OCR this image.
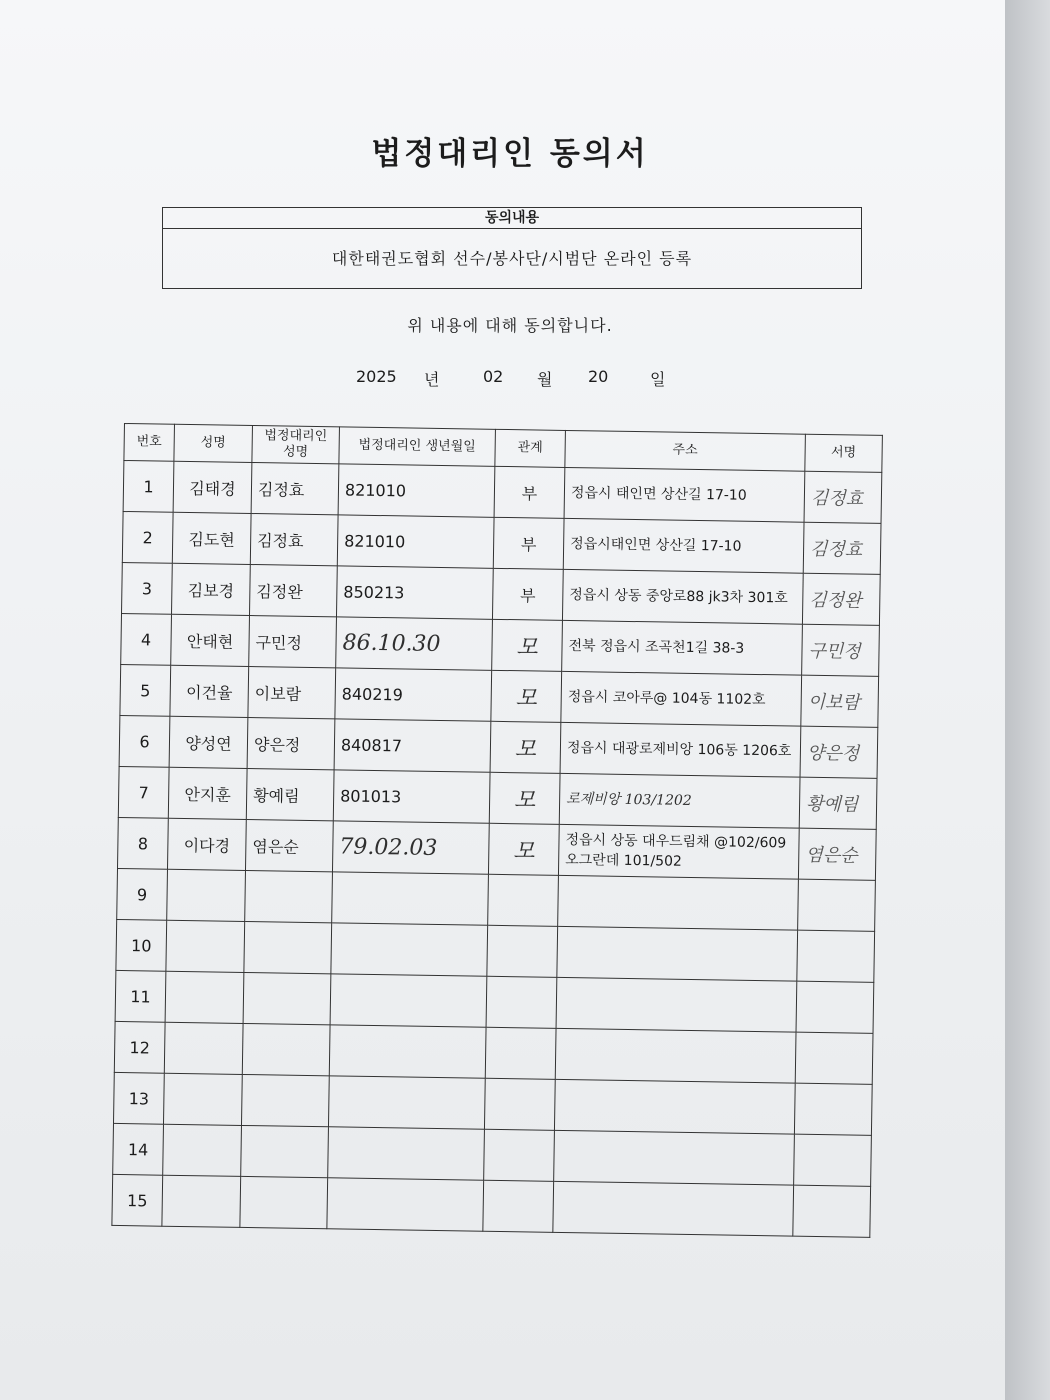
법정대리인 동의서
동의내용
대한태권도협회 선수/봉사단/시범단 온라인 등록
위 내용에 대해 동의합니다.
2025 년	02 월 20	일
번호	성명	법정대리인 성명	법정대리인 생년월일	관계	주소	서명
1	김태경	김정효	821010	부	정읍시 태인면 상산길 17-10	김정효
2	김도현	김정효	821010	부	정읍시태인면 상산길 17-10	김정효
3	김보경	김정완	850213	부	정읍시 상동 중앙로88 jk3차 301호	김정완
4	안태현	구민정	86.10.30	모	전북 정읍시 조곡천1길 38-3	구민정
5	이건율	이보람	840219	모	정읍시 코아루@ 104동 1102호	이보람
6	양성연	양은정	840817	모	정읍시 대광로제비앙 106동 1206호	양은정
7	안지훈	황예림	801013	모	로제비앙 103/1202	황예림
8	이다경	염은순	79.02.03	모	정읍시 상동 대우드림채 @102/609 오그란데 101/502	염은순
9						
10						
11						
12						
13						
14						
15						
